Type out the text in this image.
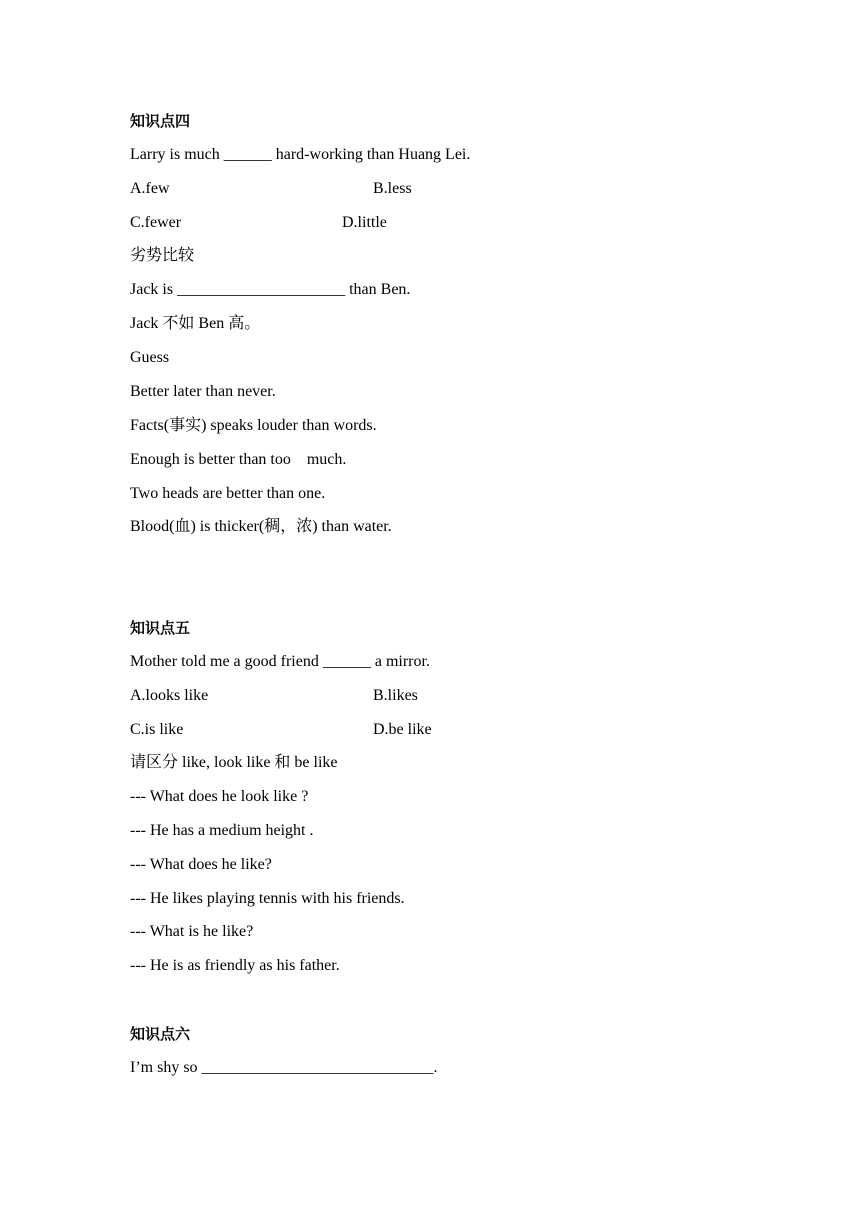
知识点四
Larry is much ______ hard-working than Huang Lei.
A.few	B.less
C.fewer	D.little
劣势比较
Jack is _____________________ than Ben.
Jack 不如 Ben 高。
Guess
Better later than never.
Facts(事实) speaks louder than words.
Enough is better than too    much.
Two heads are better than one.
Blood(血) is thicker(稠，浓) than water.
知识点五
Mother told me a good friend ______ a mirror.
A.looks like	B.likes
C.is like	D.be like
请区分 like, look like 和 be like
--- What does he look like ?
--- He has a medium height .
--- What does he like?
--- He likes playing tennis with his friends.
--- What is he like?
--- He is as friendly as his father.
知识点六
I’m shy so _____________________________.
